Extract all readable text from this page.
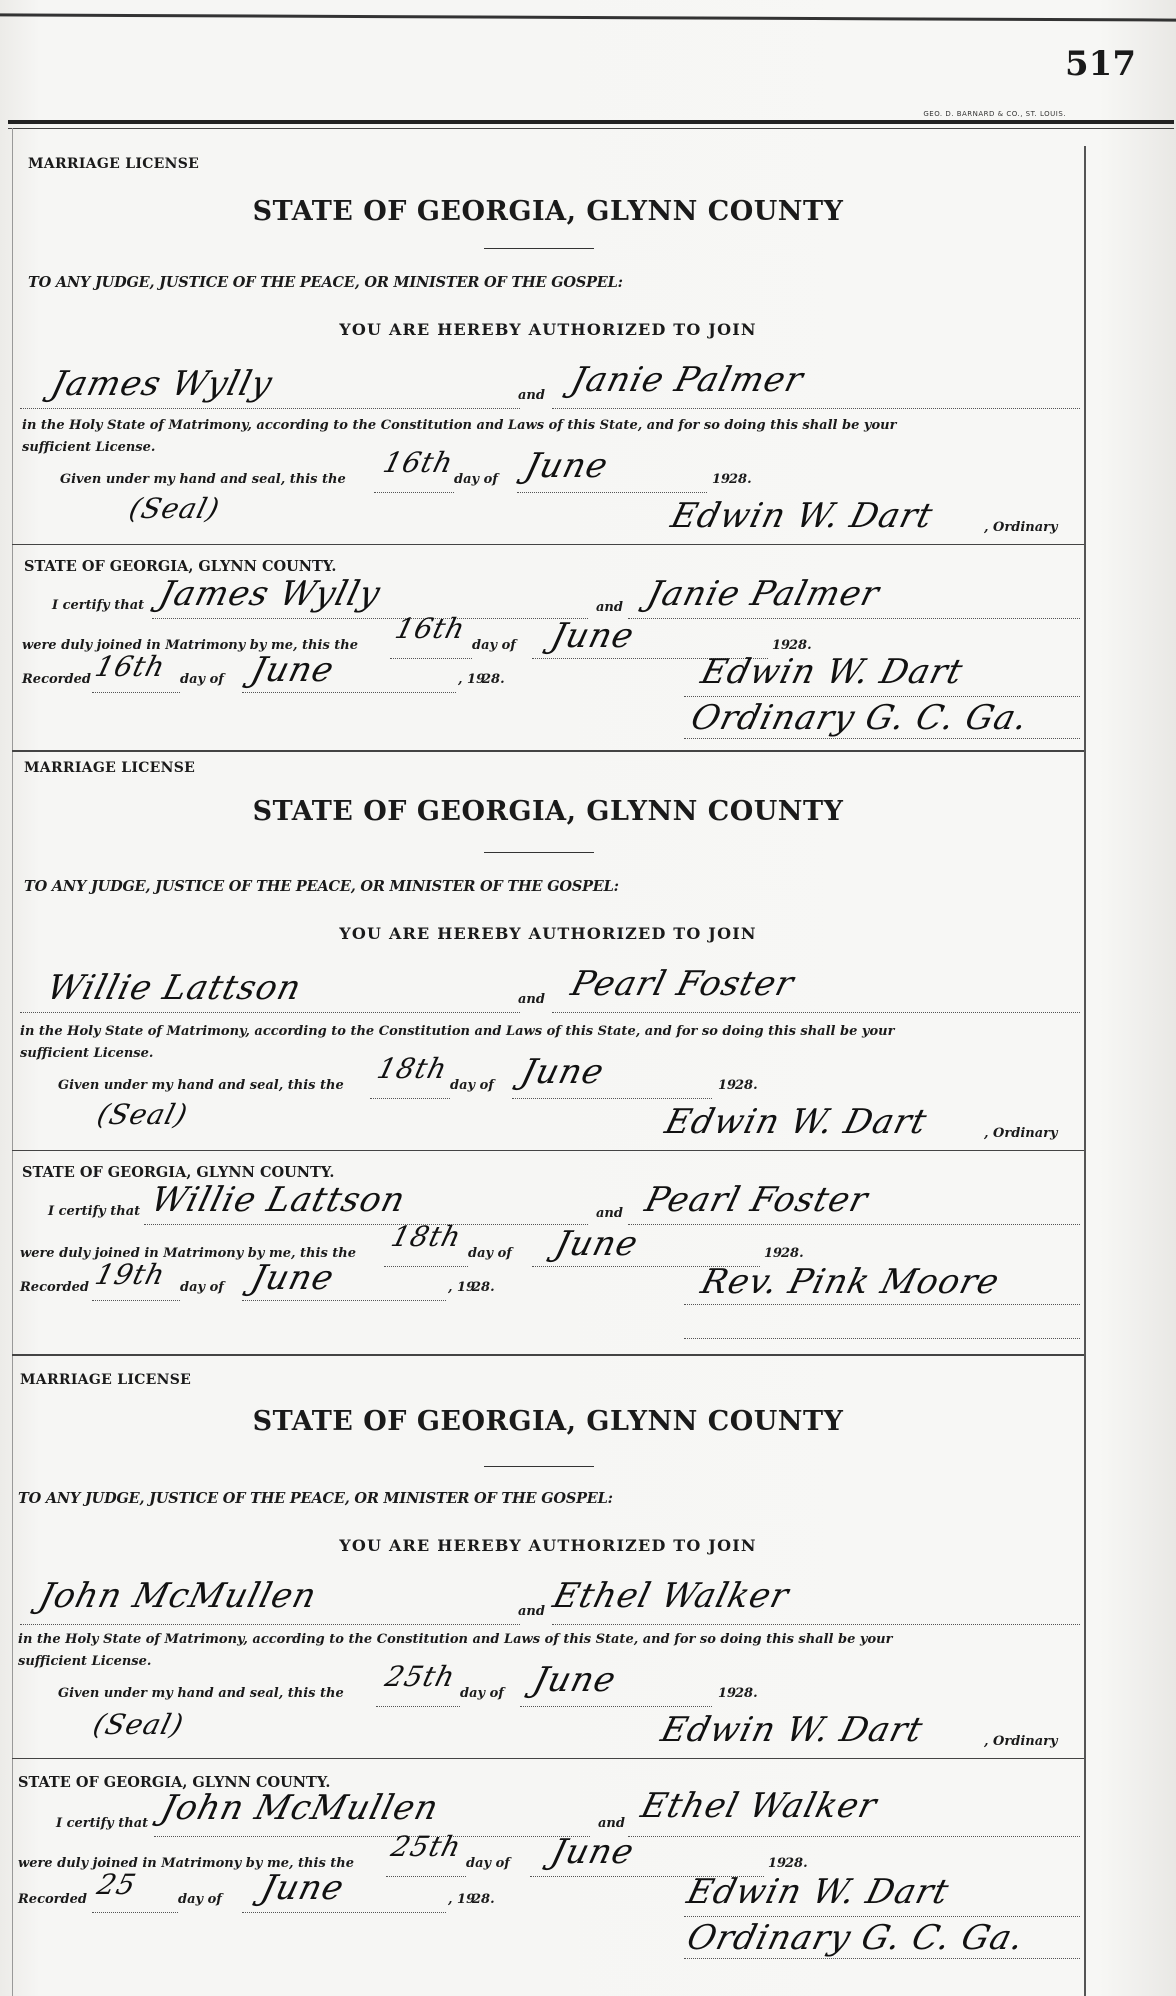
517
GEO. D. BARNARD & CO., ST. LOUIS.
MARRIAGE LICENSE
STATE OF GEORGIA, GLYNN COUNTY
TO ANY JUDGE, JUSTICE OF THE PEACE, OR MINISTER OF THE GOSPEL:
YOU ARE HEREBY AUTHORIZED TO JOIN
James Wylly	and Janie Palmer
in the Holy State of Matrimony, according to the Constitution and Laws of this State, and for so doing this shall be your
sufficient License.
Given under my hand and seal, this the
16th
day of June	19
28.
(Seal)	Edwin W. Dart	, Ordinary
STATE OF GEORGIA, GLYNN COUNTY.
I certify that James Wylly	and Janie Palmer
were duly joined in Matrimony by me, this the
16th
day of June	19
28.
Recorded 16th day of June	, 19
28.	Edwin W. Dart
Ordinary G. C. Ga.
MARRIAGE LICENSE
STATE OF GEORGIA, GLYNN COUNTY
TO ANY JUDGE, JUSTICE OF THE PEACE, OR MINISTER OF THE GOSPEL:
YOU ARE HEREBY AUTHORIZED TO JOIN
Willie Lattson	and Pearl Foster
in the Holy State of Matrimony, according to the Constitution and Laws of this State, and for so doing this shall be your
sufficient License.
Given under my hand and seal, this the
18th
day of June	19
28.
(Seal)	Edwin W. Dart	, Ordinary
STATE OF GEORGIA, GLYNN COUNTY.
I certify that Willie Lattson	and Pearl Foster
were duly joined in Matrimony by me, this the
18th
day of June	19
28.
Recorded 19th day of June	, 19
28.	Rev. Pink Moore
MARRIAGE LICENSE
STATE OF GEORGIA, GLYNN COUNTY
TO ANY JUDGE, JUSTICE OF THE PEACE, OR MINISTER OF THE GOSPEL:
YOU ARE HEREBY AUTHORIZED TO JOIN
John McMullen	and Ethel Walker
in the Holy State of Matrimony, according to the Constitution and Laws of this State, and for so doing this shall be your
sufficient License.
Given under my hand and seal, this the
25th
day of June	19
28.
(Seal)	Edwin W. Dart	, Ordinary
STATE OF GEORGIA, GLYNN COUNTY.
I certify that John McMullen	and Ethel Walker
were duly joined in Matrimony by me, this the
25th
day of June	19
28.
Recorded 25	day of June	, 19
28.	Edwin W. Dart
Ordinary G. C. Ga.
